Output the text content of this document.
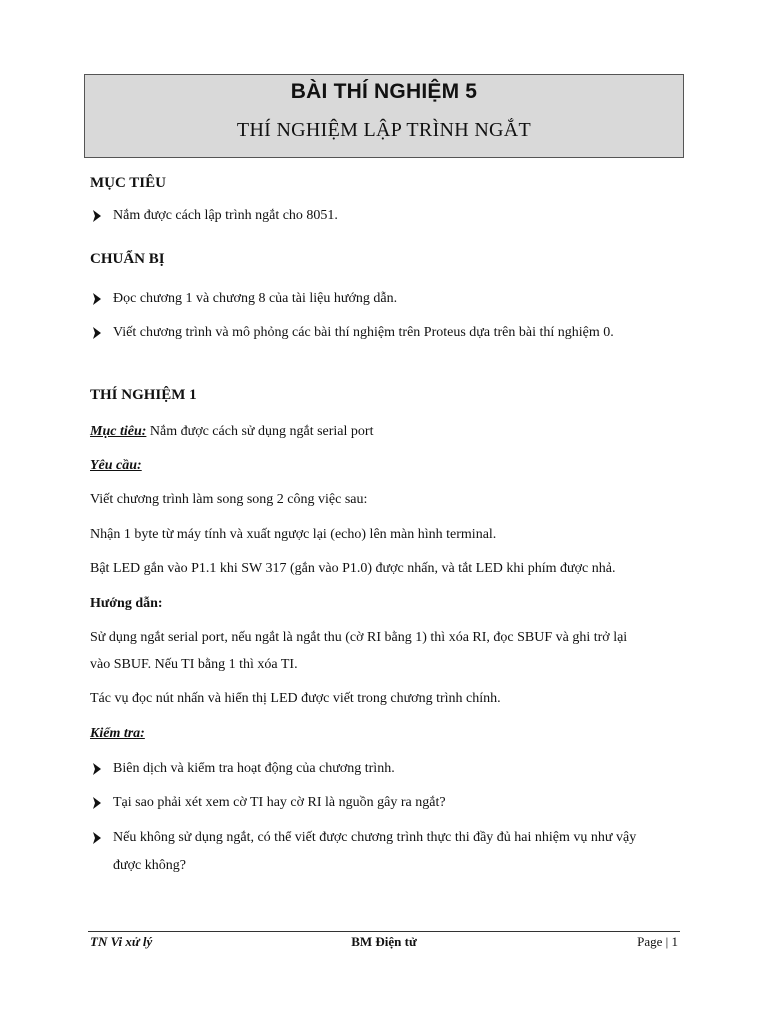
BÀI THÍ NGHIỆM 5
THÍ NGHIỆM LẬP TRÌNH NGẮT
MỤC TIÊU
Nắm được cách lập trình ngắt cho 8051.
CHUẨN BỊ
Đọc chương 1 và chương 8 của tài liệu hướng dẫn.
Viết chương trình và mô phỏng các bài thí nghiệm trên Proteus dựa trên bài thí nghiệm 0.
THÍ NGHIỆM 1
Mục tiêu: Nắm được cách sử dụng ngắt serial port
Yêu cầu:
Viết chương trình làm song song 2 công việc sau:
Nhận 1 byte từ máy tính và xuất ngược lại (echo) lên màn hình terminal.
Bật LED gắn vào P1.1 khi SW 317 (gắn vào P1.0) được nhấn, và tắt LED khi phím được nhả.
Hướng dẫn:
Sử dụng ngắt serial port, nếu ngắt là ngắt thu (cờ RI bằng 1) thì xóa RI, đọc SBUF và ghi trở lại
vào SBUF. Nếu TI bằng 1 thì xóa TI.
Tác vụ đọc nút nhấn và hiển thị LED được viết trong chương trình chính.
Kiểm tra:
Biên dịch và kiểm tra hoạt động của chương trình.
Tại sao phải xét xem cờ TI hay cờ RI là nguồn gây ra ngắt?
Nếu không sử dụng ngắt, có thể viết được chương trình thực thi đầy đủ hai nhiệm vụ như vậy
được không?
TN Vi xử lý	BM Điện tử	Page | 1
